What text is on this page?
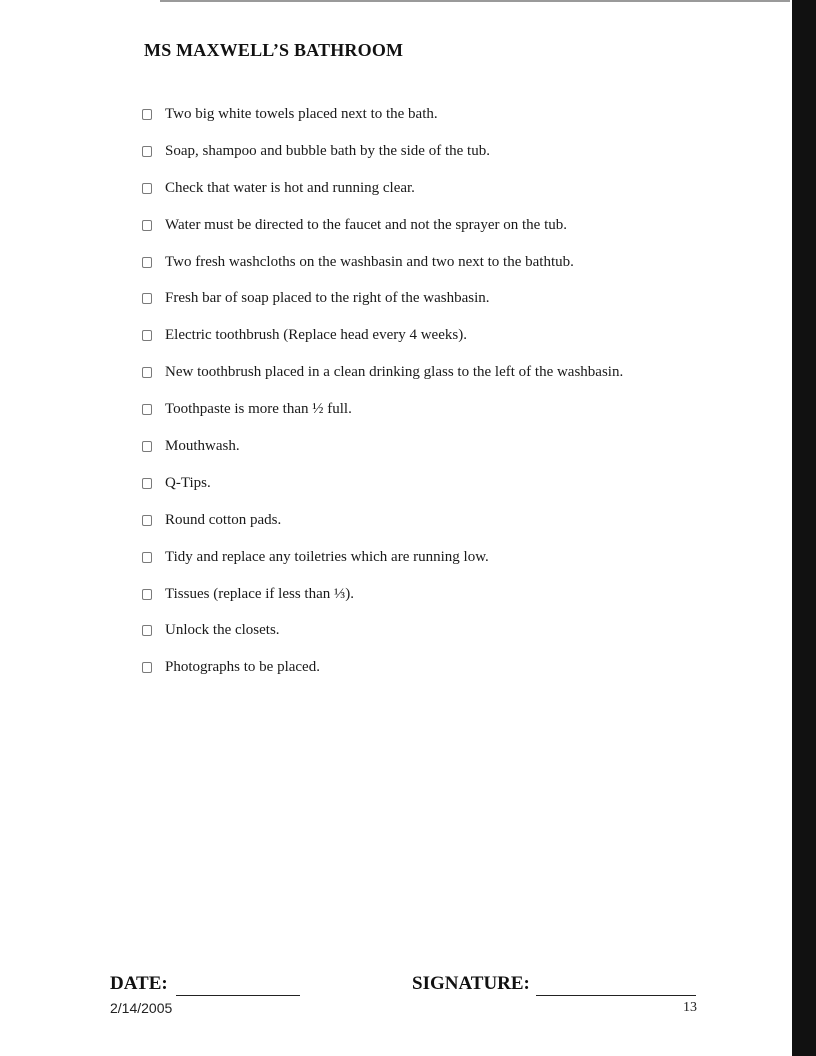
MS MAXWELL’S BATHROOM
Two big white towels placed next to the bath.
Soap, shampoo and bubble bath by the side of the tub.
Check that water is hot and running clear.
Water must be directed to the faucet and not the sprayer on the tub.
Two fresh washcloths on the washbasin and two next to the bathtub.
Fresh bar of soap placed to the right of the washbasin.
Electric toothbrush (Replace head every 4 weeks).
New toothbrush placed in a clean drinking glass to the left of the washbasin.
Toothpaste is more than ½ full.
Mouthwash.
Q-Tips.
Round cotton pads.
Tidy and replace any toiletries which are running low.
Tissues (replace if less than ⅓).
Unlock the closets.
Photographs to be placed.
DATE:	SIGNATURE:
2/14/2005	13
